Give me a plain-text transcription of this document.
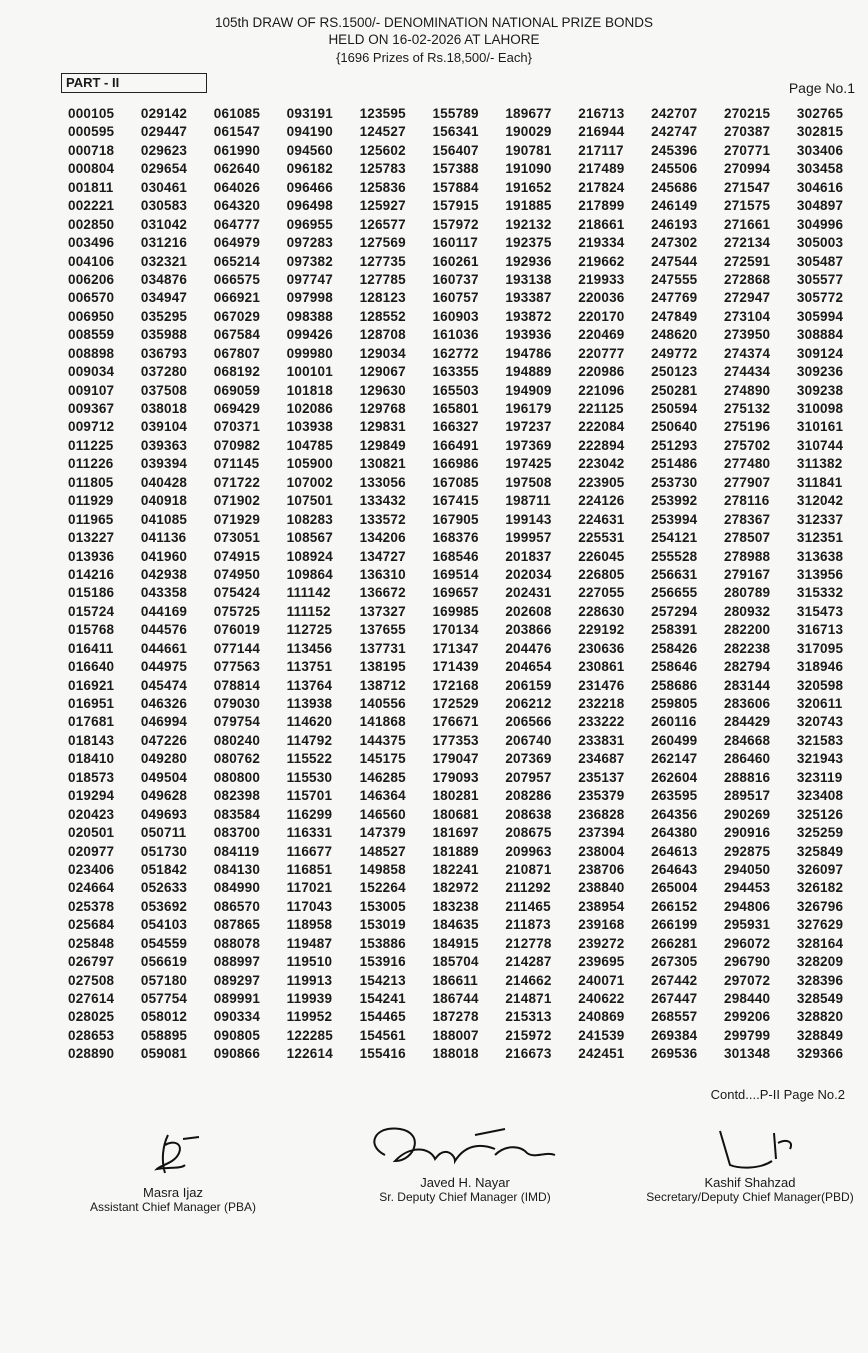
105th DRAW OF RS.1500/- DENOMINATION NATIONAL PRIZE BONDS
HELD ON 16-02-2026 AT LAHORE
{1696 Prizes of Rs.18,500/- Each}
PART - II	Page No.1
000105	029142	061085	093191	123595	155789	189677	216713	242707	270215	302765
000595	029447	061547	094190	124527	156341	190029	216944	242747	270387	302815
000718	029623	061990	094560	125602	156407	190781	217117	245396	270771	303406
000804	029654	062640	096182	125783	157388	191090	217489	245506	270994	303458
001811	030461	064026	096466	125836	157884	191652	217824	245686	271547	304616
002221	030583	064320	096498	125927	157915	191885	217899	246149	271575	304897
002850	031042	064777	096955	126577	157972	192132	218661	246193	271661	304996
003496	031216	064979	097283	127569	160117	192375	219334	247302	272134	305003
004106	032321	065214	097382	127735	160261	192936	219662	247544	272591	305487
006206	034876	066575	097747	127785	160737	193138	219933	247555	272868	305577
006570	034947	066921	097998	128123	160757	193387	220036	247769	272947	305772
006950	035295	067029	098388	128552	160903	193872	220170	247849	273104	305994
008559	035988	067584	099426	128708	161036	193936	220469	248620	273950	308884
008898	036793	067807	099980	129034	162772	194786	220777	249772	274374	309124
009034	037280	068192	100101	129067	163355	194889	220986	250123	274434	309236
009107	037508	069059	101818	129630	165503	194909	221096	250281	274890	309238
009367	038018	069429	102086	129768	165801	196179	221125	250594	275132	310098
009712	039104	070371	103938	129831	166327	197237	222084	250640	275196	310161
011225	039363	070982	104785	129849	166491	197369	222894	251293	275702	310744
011226	039394	071145	105900	130821	166986	197425	223042	251486	277480	311382
011805	040428	071722	107002	133056	167085	197508	223905	253730	277907	311841
011929	040918	071902	107501	133432	167415	198711	224126	253992	278116	312042
011965	041085	071929	108283	133572	167905	199143	224631	253994	278367	312337
013227	041136	073051	108567	134206	168376	199957	225531	254121	278507	312351
013936	041960	074915	108924	134727	168546	201837	226045	255528	278988	313638
014216	042938	074950	109864	136310	169514	202034	226805	256631	279167	313956
015186	043358	075424	111142	136672	169657	202431	227055	256655	280789	315332
015724	044169	075725	111152	137327	169985	202608	228630	257294	280932	315473
015768	044576	076019	112725	137655	170134	203866	229192	258391	282200	316713
016411	044661	077144	113456	137731	171347	204476	230636	258426	282238	317095
016640	044975	077563	113751	138195	171439	204654	230861	258646	282794	318946
016921	045474	078814	113764	138712	172168	206159	231476	258686	283144	320598
016951	046326	079030	113938	140556	172529	206212	232218	259805	283606	320611
017681	046994	079754	114620	141868	176671	206566	233222	260116	284429	320743
018143	047226	080240	114792	144375	177353	206740	233831	260499	284668	321583
018410	049280	080762	115522	145175	179047	207369	234687	262147	286460	321943
018573	049504	080800	115530	146285	179093	207957	235137	262604	288816	323119
019294	049628	082398	115701	146364	180281	208286	235379	263595	289517	323408
020423	049693	083584	116299	146560	180681	208638	236828	264356	290269	325126
020501	050711	083700	116331	147379	181697	208675	237394	264380	290916	325259
020977	051730	084119	116677	148527	181889	209963	238004	264613	292875	325849
023406	051842	084130	116851	149858	182241	210871	238706	264643	294050	326097
024664	052633	084990	117021	152264	182972	211292	238840	265004	294453	326182
025378	053692	086570	117043	153005	183238	211465	238954	266152	294806	326796
025684	054103	087865	118958	153019	184635	211873	239168	266199	295931	327629
025848	054559	088078	119487	153886	184915	212778	239272	266281	296072	328164
026797	056619	088997	119510	153916	185704	214287	239695	267305	296790	328209
027508	057180	089297	119913	154213	186611	214662	240071	267442	297072	328396
027614	057754	089991	119939	154241	186744	214871	240622	267447	298440	328549
028025	058012	090334	119952	154465	187278	215313	240869	268557	299206	328820
028653	058895	090805	122285	154561	188007	215972	241539	269384	299799	328849
028890	059081	090866	122614	155416	188018	216673	242451	269536	301348	329366
Contd....P-II Page No.2
Masra Ijaz
Assistant Chief Manager (PBA)
Javed H. Nayar
Sr. Deputy Chief Manager (IMD)
Kashif Shahzad
Secretary/Deputy Chief Manager(PBD)
